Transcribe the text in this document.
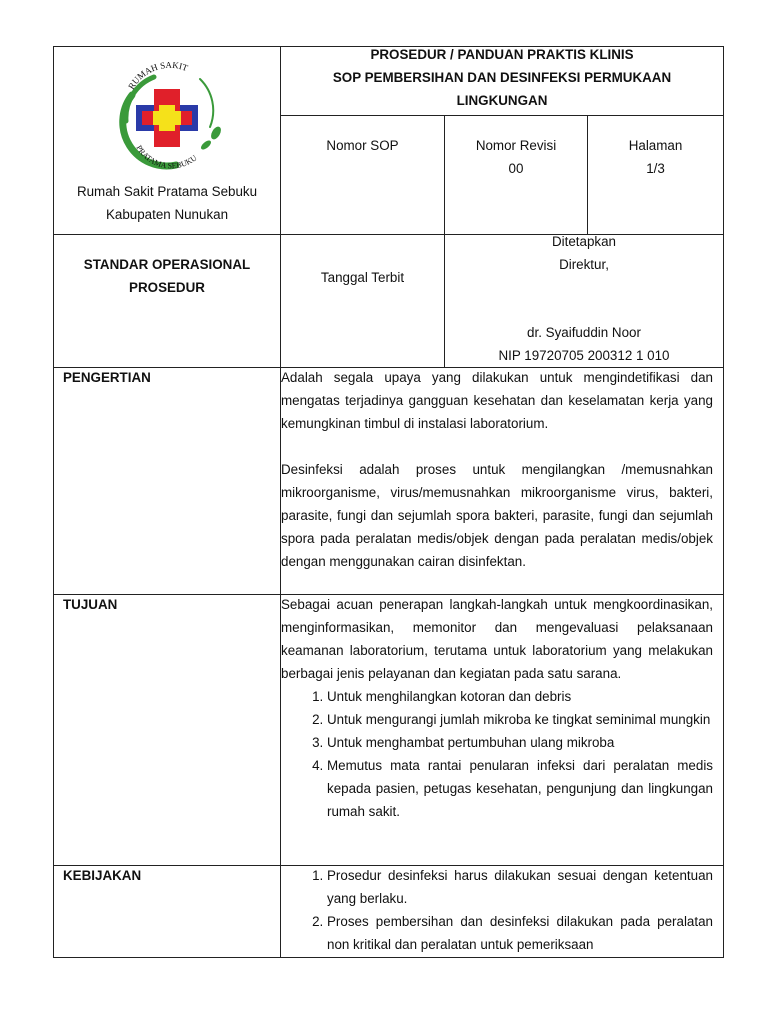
RUMAH SAKIT
PRATAMA SEBUKU
Rumah Sakit Pratama Sebuku
Kabupaten Nunukan
PROSEDUR / PANDUAN PRAKTIS KLINIS
SOP PEMBERSIHAN DAN DESINFEKSI PERMUKAAN
LINGKUNGAN
Nomor SOP	Nomor Revisi
00
Halaman
1/3
STANDAR OPERASIONAL
PROSEDUR
Tanggal Terbit
Ditetapkan
Direktur,
dr. Syaifuddin Noor
NIP 19720705 200312 1 010
PENGERTIAN	Adalah segala upaya yang dilakukan untuk mengindetifikasi dan mengatas terjadinya gangguan kesehatan dan keselamatan kerja yang kemungkinan timbul di instalasi laboratorium.

Desinfeksi adalah proses untuk mengilangkan /memusnahkan mikroorganisme, virus/memusnahkan mikroorganisme virus, bakteri, parasite, fungi dan sejumlah spora bakteri, parasite, fungi dan sejumlah spora pada peralatan medis/objek dengan pada peralatan medis/objek dengan menggunakan cairan disinfektan.

TUJUAN	Sebagai acuan penerapan langkah-langkah untuk mengkoordinasikan, menginformasikan, memonitor dan mengevaluasi pelaksanaan keamanan laboratorium, terutama untuk laboratorium yang melakukan berbagai jenis pelayanan dan kegiatan pada satu sarana.

1. Untuk menghilangkan kotoran dan debris
2. Untuk mengurangi jumlah mikroba ke tingkat seminimal mungkin
3. Untuk menghambat pertumbuhan ulang mikroba
4. Memutus mata rantai penularan infeksi dari peralatan medis kepada pasien, petugas kesehatan, pengunjung dan lingkungan rumah sakit.
KEBIJAKAN
1.	Prosedur desinfeksi harus dilakukan sesuai dengan ketentuan yang berlaku.
2. Proses pembersihan dan desinfeksi dilakukan pada peralatan non kritikal dan peralatan untuk pemeriksaan
